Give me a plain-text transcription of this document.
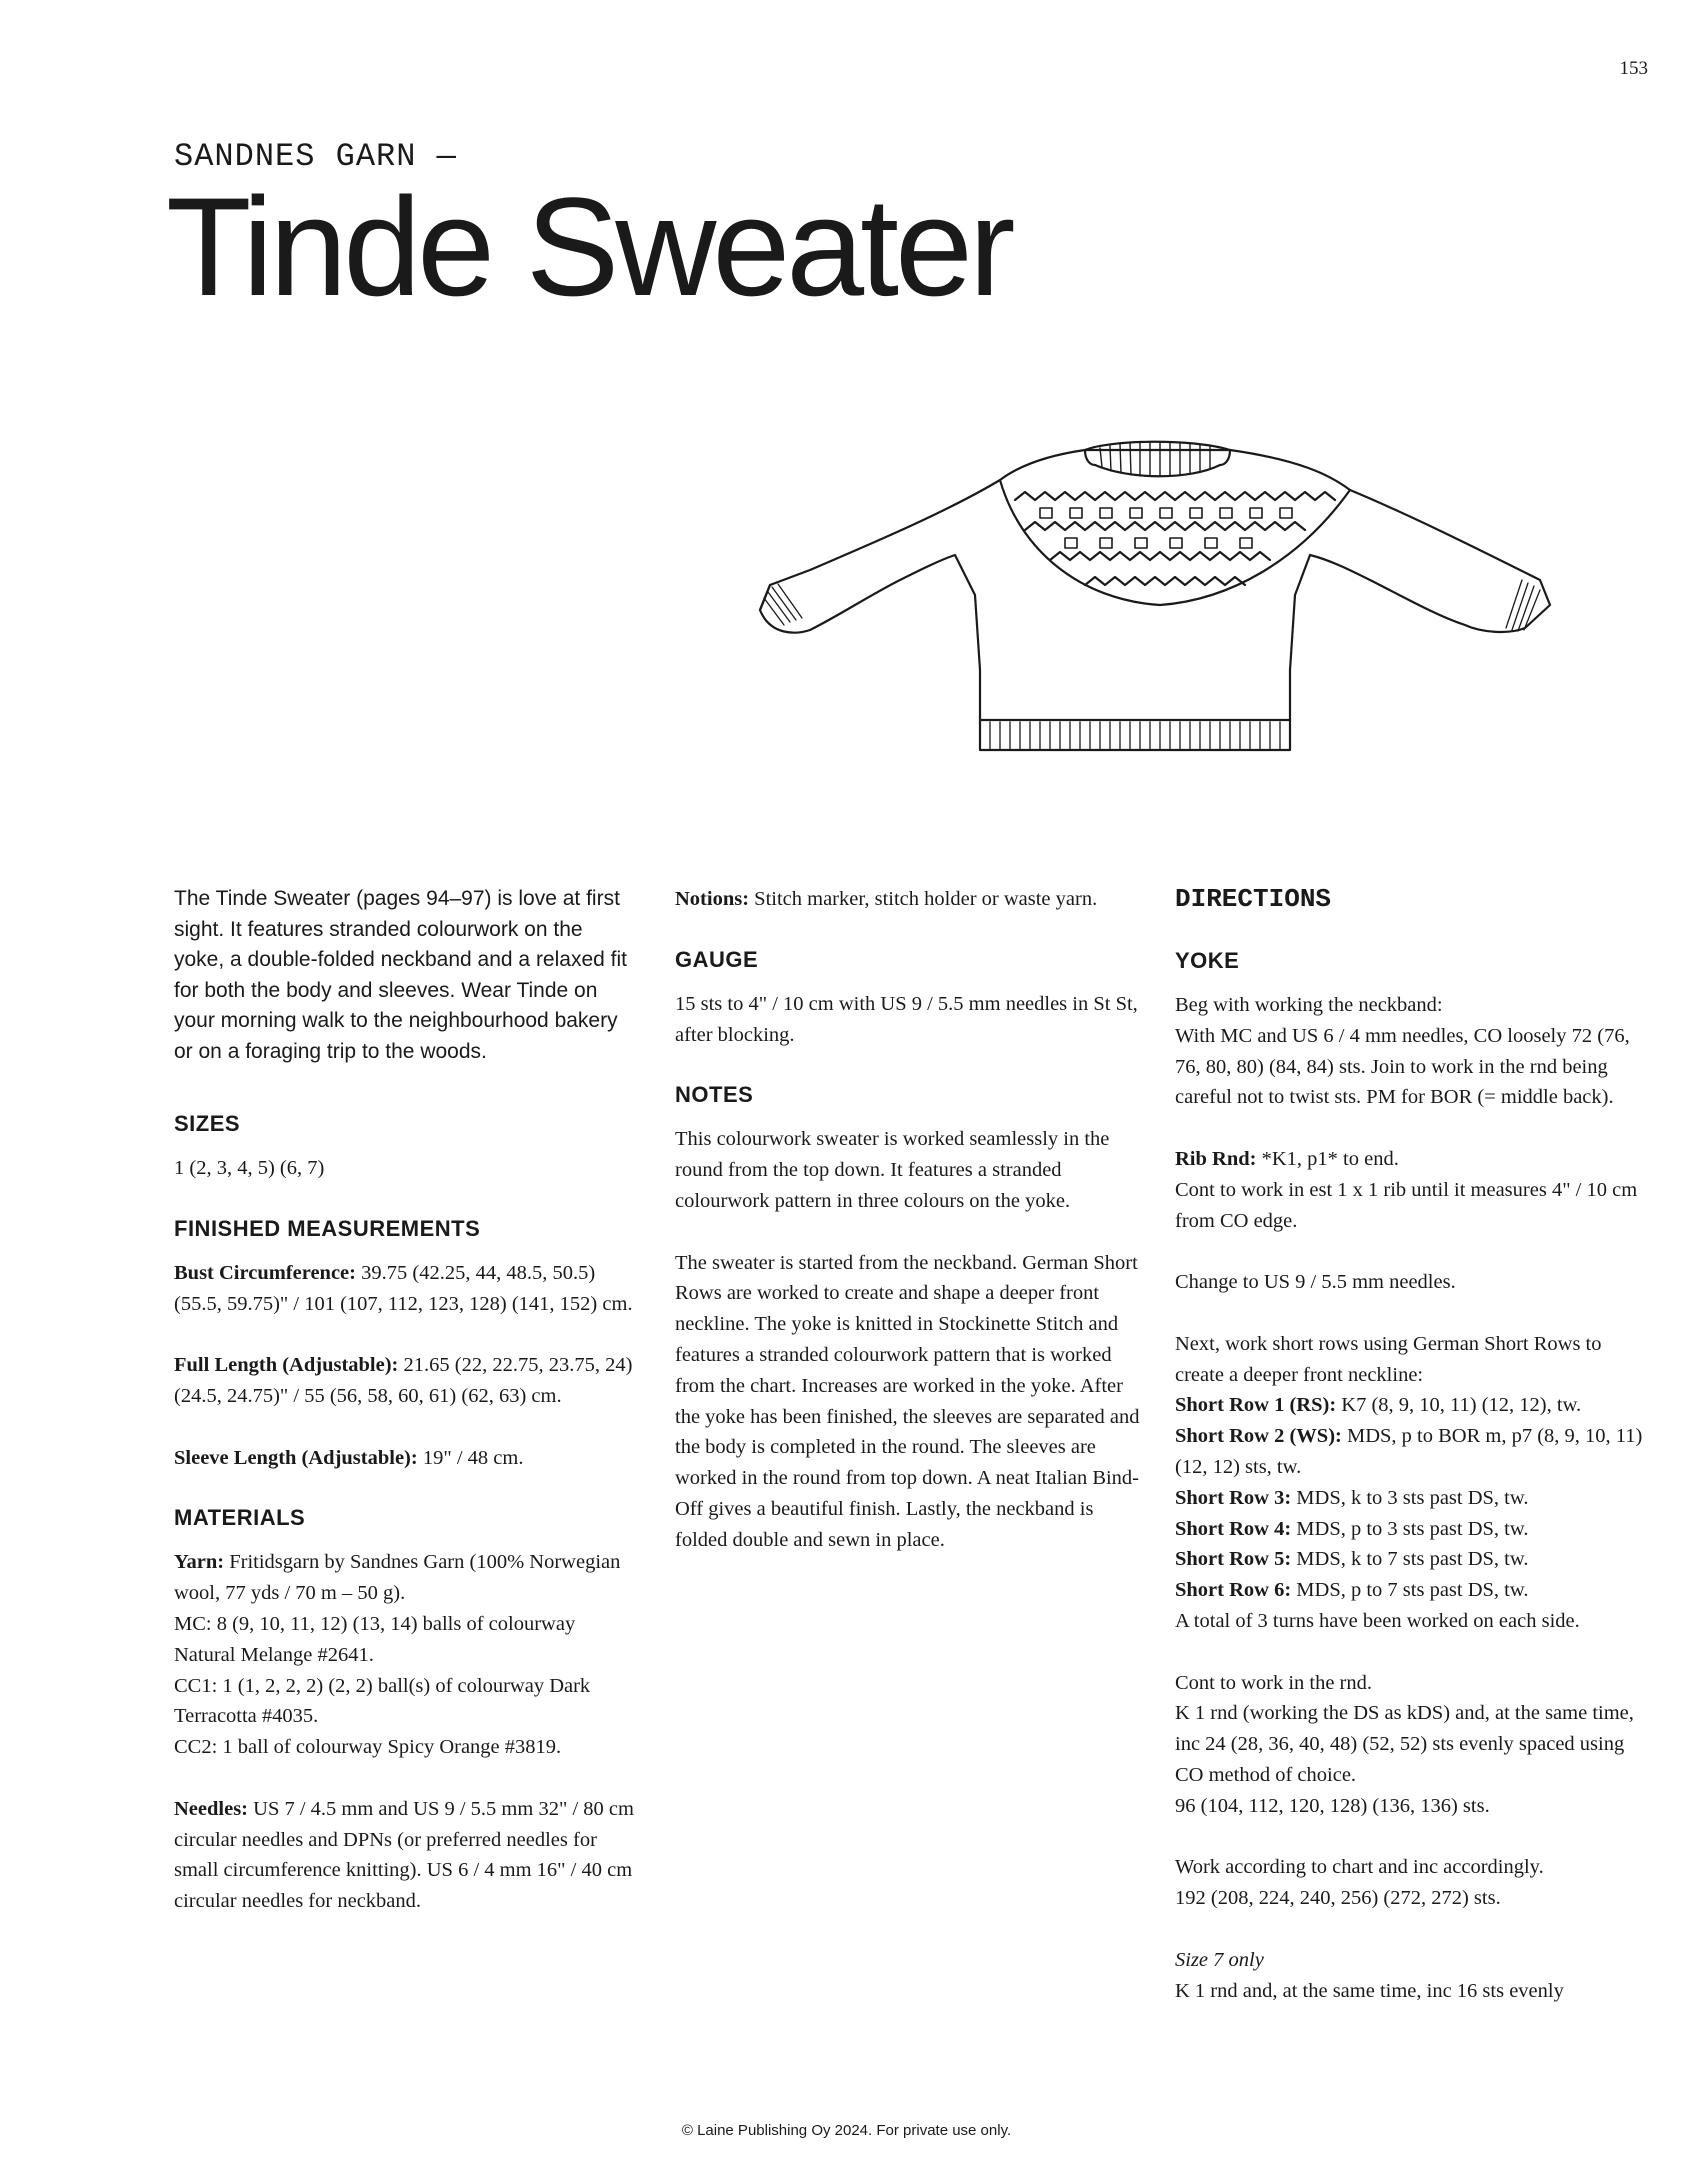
153
SANDNES GARN —
Tinde Sweater
The Tinde Sweater (pages 94–97) is love at first sight. It features stranded colourwork on the yoke, a double-folded neckband and a relaxed fit for both the body and sleeves. Wear Tinde on your morning walk to the neighbourhood bakery or on a foraging trip to the woods.
SIZES

1 (2, 3, 4, 5) (6, 7)

FINISHED MEASUREMENTS

Bust Circumference: 39.75 (42.25, 44, 48.5, 50.5) (55.5, 59.75)" / 101 (107, 112, 123, 128) (141, 152) cm.

Full Length (Adjustable): 21.65 (22, 22.75, 23.75, 24) (24.5, 24.75)" / 55 (56, 58, 60, 61) (62, 63) cm.

Sleeve Length (Adjustable): 19" / 48 cm.

MATERIALS

Yarn: Fritidsgarn by Sandnes Garn (100% Norwegian wool, 77 yds / 70 m – 50 g).

MC: 8 (9, 10, 11, 12) (13, 14) balls of colourway Natural Melange #2641.

CC1: 1 (1, 2, 2, 2) (2, 2) ball(s) of colourway Dark Terracotta #4035.

CC2: 1 ball of colourway Spicy Orange #3819.

Needles: US 7 / 4.5 mm and US 9 / 5.5 mm 32" / 80 cm circular needles and DPNs (or preferred needles for small circumference knitting). US 6 / 4 mm 16" / 40 cm circular needles for neckband.

Notions: Stitch marker, stitch holder or waste yarn.

GAUGE

15 sts to 4" / 10 cm with US 9 / 5.5 mm needles in St St, after blocking.

NOTES

This colourwork sweater is worked seamlessly in the round from the top down. It features a stranded colourwork pattern in three colours on the yoke.

The sweater is started from the neckband. German Short Rows are worked to create and shape a deeper front neckline. The yoke is knitted in Stockinette Stitch and features a stranded colourwork pattern that is worked from the chart. Increases are worked in the yoke. After the yoke has been finished, the sleeves are separated and the body is completed in the round. The sleeves are worked in the round from top down. A neat Italian Bind-Off gives a beautiful finish. Lastly, the neckband is folded double and sewn in place.

DIRECTIONS
YOKE

Beg with working the neckband:

With MC and US 6 / 4 mm needles, CO loosely 72 (76, 76, 80, 80) (84, 84) sts. Join to work in the rnd being careful not to twist sts. PM for BOR (= middle back).

Rib Rnd: *K1, p1* to end.

Cont to work in est 1 x 1 rib until it measures 4" / 10 cm from CO edge.

Change to US 9 / 5.5 mm needles.

Next, work short rows using German Short Rows to create a deeper front neckline:

Short Row 1 (RS): K7 (8, 9, 10, 11) (12, 12), tw.

Short Row 2 (WS): MDS, p to BOR m, p7 (8, 9, 10, 11) (12, 12) sts, tw.

Short Row 3: MDS, k to 3 sts past DS, tw.

Short Row 4: MDS, p to 3 sts past DS, tw.

Short Row 5: MDS, k to 7 sts past DS, tw.

Short Row 6: MDS, p to 7 sts past DS, tw.

A total of 3 turns have been worked on each side.

Cont to work in the rnd.

K 1 rnd (working the DS as kDS) and, at the same time, inc 24 (28, 36, 40, 48) (52, 52) sts evenly spaced using CO method of choice.

96 (104, 112, 120, 128) (136, 136) sts.

Work according to chart and inc accordingly.

192 (208, 224, 240, 256) (272, 272) sts.

Size 7 only

K 1 rnd and, at the same time, inc 16 sts evenly

© Laine Publishing Oy 2024. For private use only.
